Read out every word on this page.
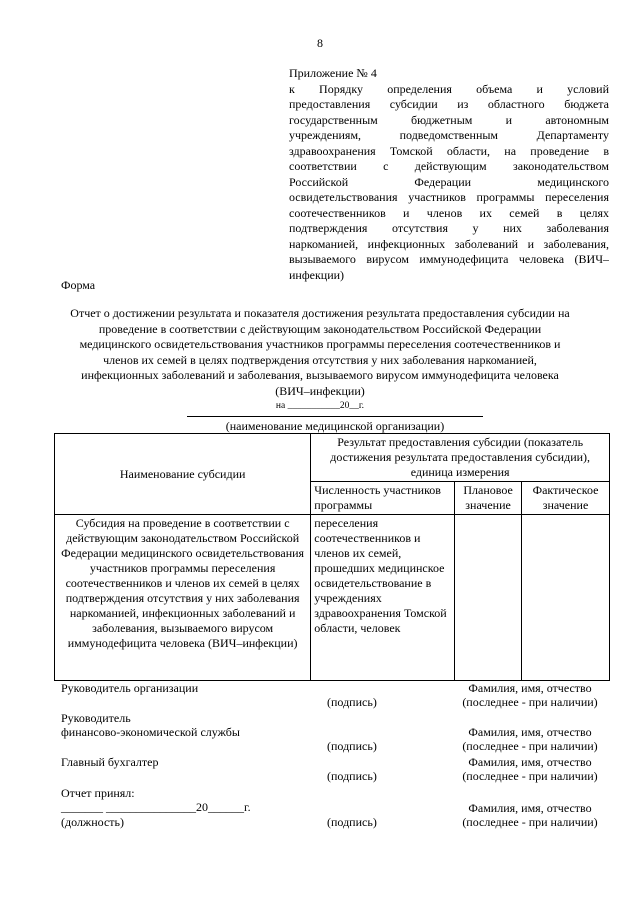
8
Приложение № 4
к Порядку определения объема и условий
предоставления субсидии из областного бюджета
государственным бюджетным и автономным
учреждениям, подведомственным Департаменту
здравоохранения Томской области, на проведение в
соответствии с действующим законодательством
Российской Федерации медицинского
освидетельствования участников программы переселения
соотечественников и членов их семей в целях
подтверждения отсутствия у них заболевания
наркоманией, инфекционных заболеваний и заболевания,
вызываемого вирусом иммунодефицита человека (ВИЧ–
инфекции)
Форма
Отчет о достижении результата и показателя достижения результата предоставления субсидии на
проведение в соответствии с действующим законодательством Российской Федерации
медицинского освидетельствования участников программы переселения соотечественников и
членов их семей в целях подтверждения отсутствия у них заболевания наркоманией,
инфекционных заболеваний и заболевания, вызываемого вирусом иммунодефицита человека
(ВИЧ–инфекции)
на ___________20__г.
(наименование медицинской организации)
Наименование субсидии	Результат предоставления субсидии (показатель достижения результата предоставления субсидии), единица измерения		
	Численность участников программы	Плановое значение	Фактическое значение
Субсидия на проведение в соответствии с действующим законодательством Российской Федерации медицинского освидетельствования участников программы переселения соотечественников и членов их семей в целях подтверждения отсутствия у них заболевания наркоманией, инфекционных заболеваний и заболевания, вызываемого вирусом иммунодефицита человека (ВИЧ–инфекции)	переселения соотечественников и членов их семей, прошедших медицинское освидетельствование в учреждениях здравоохранения Томской области, человек		
Руководитель организации	Фамилия, имя, отчество
(подпись)	(последнее - при наличии)
Руководитель
финансово-экономической службы	Фамилия, имя, отчество
(подпись)	(последнее - при наличии)
Главный бухгалтер	Фамилия, имя, отчество
(подпись)	(последнее - при наличии)
Отчет принял:
_______ _______________20______г.	Фамилия, имя, отчество
(должность)	(подпись)	(последнее - при наличии)
